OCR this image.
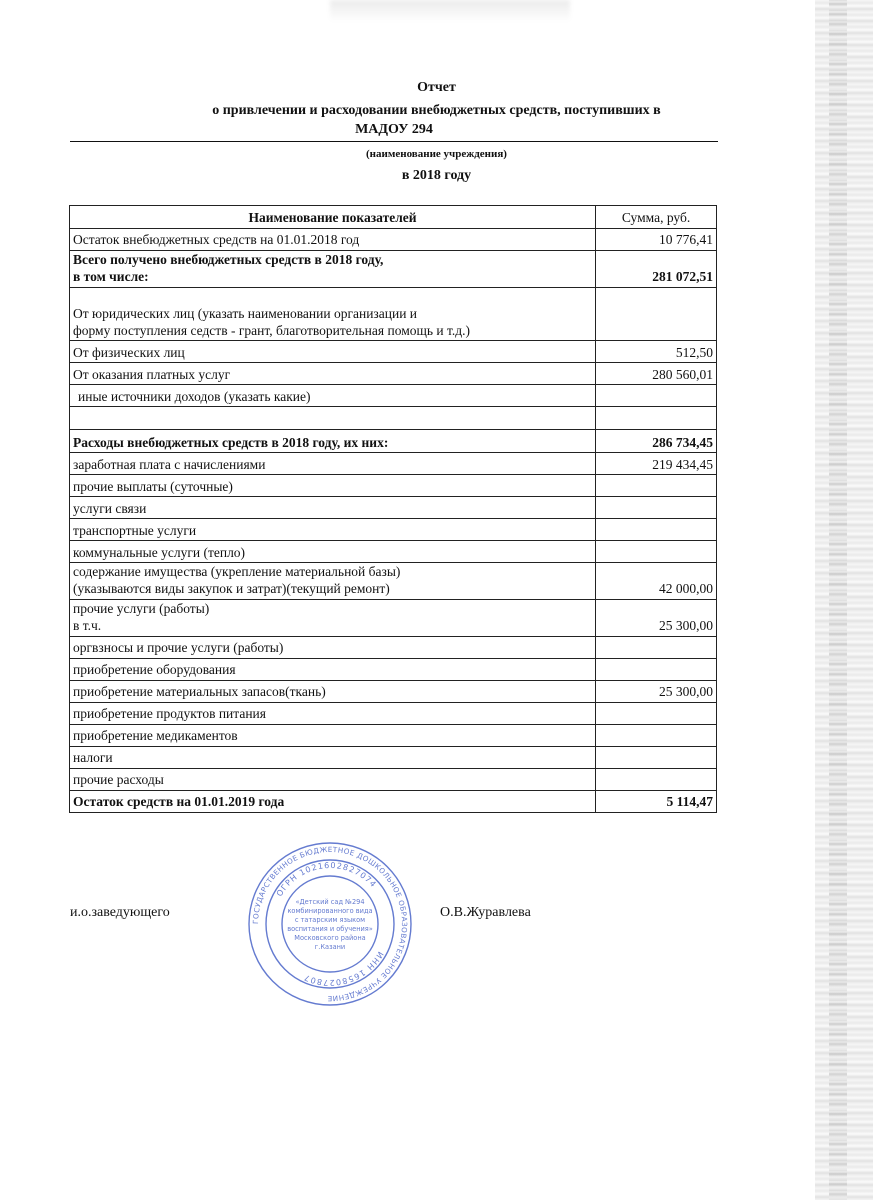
Отчет
о привлечении и расходовании внебюджетных средств, поступивших в
МАДОУ 294
(наименование учреждения)
в 2018 году
Наименование показателей	Сумма, руб.
Остаток внебюджетных средств на 01.01.2018 год	10 776,41
Всего получено внебюджетных средств в 2018 году,
в том числе:	281 072,51

От юридических лиц (указать наименовании организации и
форму поступления седств - грант, благотворительная помощь и т.д.)	
От физических лиц	512,50
От оказания платных услуг	280 560,01
иные источники доходов (указать какие)	

Расходы внебюджетных средств в 2018 году, их них:	286 734,45
заработная плата с начислениями	219 434,45
прочие выплаты (суточные)	
услуги связи	
транспортные услуги	
коммунальные услуги (тепло)	
содержание имущества (укрепление материальной базы)
(указываются виды закупок и затрат)(текущий ремонт)	42 000,00
прочие услуги (работы)
в т.ч.	25 300,00
оргвзносы и прочие услуги (работы)	
приобретение оборудования	
приобретение материальных запасов(ткань)	25 300,00
приобретение продуктов питания	
приобретение медикаментов	
налоги	
прочие расходы	
Остаток средств на 01.01.2019 года	5 114,47
и.о.заведующего	О.В.Журавлева
ГОСУДАРСТВЕННОЕ БЮДЖЕТНОЕ ДОШКОЛЬНОЕ ОБРАЗОВАТЕЛЬНОЕ УЧРЕЖДЕНИЕ
ОГРН 1021602827074
ИНН 1658027807
«Детский сад №294
комбинированного вида
с татарским языком
воспитания и обучения»
Московского района
г.Казани
